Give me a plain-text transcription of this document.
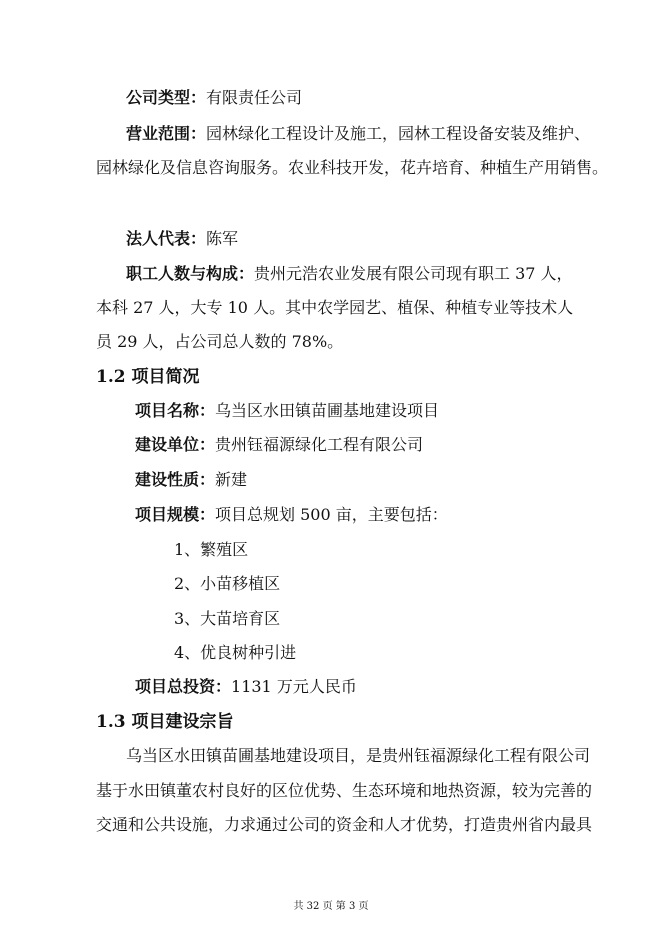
公司类型：有限责任公司
营业范围：园林绿化工程设计及施工，园林工程设备安装及维护、
园林绿化及信息咨询服务。农业科技开发，花卉培育、种植生产用销售。
法人代表：陈军
职工人数与构成：贵州元浩农业发展有限公司现有职工 37 人，
本科 27 人，大专 10 人。其中农学园艺、植保、种植专业等技术人
员 29 人，占公司总人数的 78%。
1.2 项目简况
项目名称：乌当区水田镇苗圃基地建设项目
建设单位：贵州钰福源绿化工程有限公司
建设性质：新建
项目规模：项目总规划 500 亩，主要包括：
1、繁殖区
2、小苗移植区
3、大苗培育区
4、优良树种引进
项目总投资：1131 万元人民币
1.3 项目建设宗旨
乌当区水田镇苗圃基地建设项目，是贵州钰福源绿化工程有限公司
基于水田镇董农村良好的区位优势、生态环境和地热资源，较为完善的
交通和公共设施，力求通过公司的资金和人才优势，打造贵州省内最具
共 32 页 第 3 页
